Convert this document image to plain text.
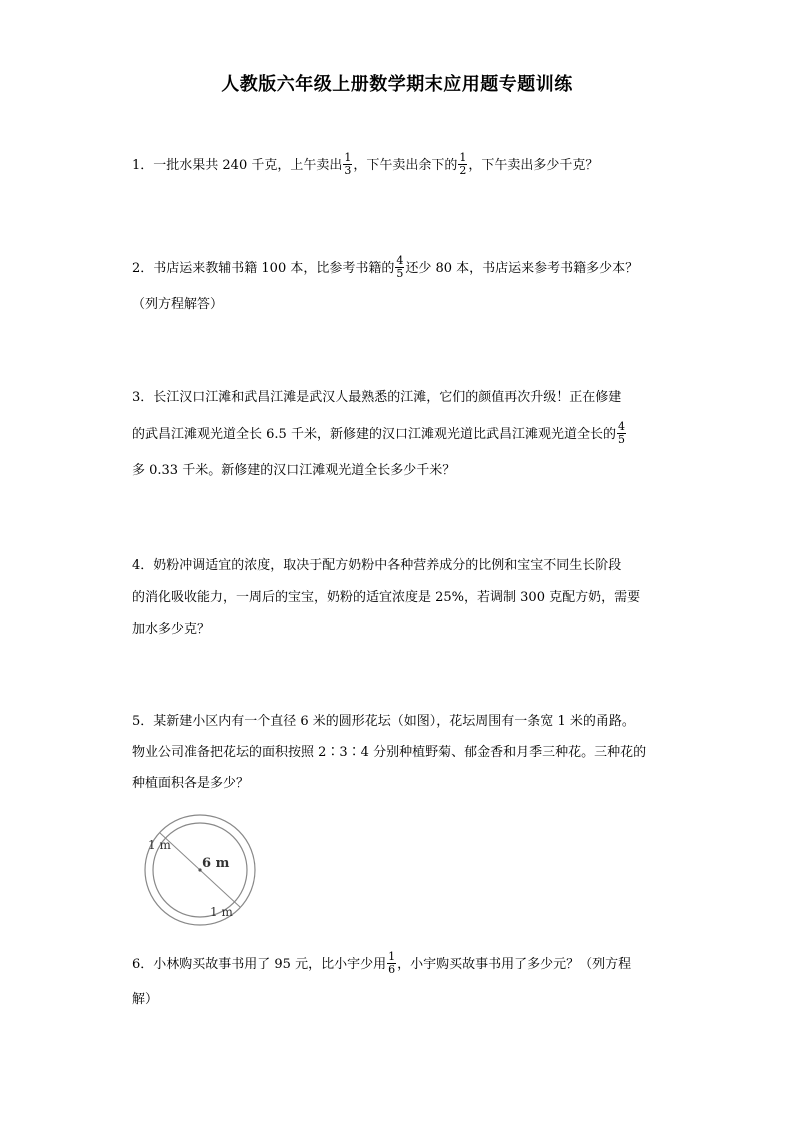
人教版六年级上册数学期末应用题专题训练
1．一批水果共 240 千克，上午卖出 $\frac{1}{3}$ ，下午卖出余下的 $\frac{1}{2}$ ，下午卖出多少千克？
2．书店运来教辅书籍 100 本，比参考书籍的 $\frac{4}{5}$ 还少 80 本，书店运来参考书籍多少本？
（列方程解答）
3．长江汉口江滩和武昌江滩是武汉人最熟悉的江滩，它们的颜值再次升级！正在修建
的武昌江滩观光道全长 6.5 千米，新修建的汉口江滩观光道比武昌江滩观光道全长的 $\frac{4}{5}$
多 0.33 千米。新修建的汉口江滩观光道全长多少千米？
4．奶粉冲调适宜的浓度，取决于配方奶粉中各种营养成分的比例和宝宝不同生长阶段
的消化吸收能力，一周后的宝宝，奶粉的适宜浓度是 25%，若调制 300 克配方奶，需要
加水多少克？
5．某新建小区内有一个直径 6 米的圆形花坛（如图），花坛周围有一条宽 1 米的甬路。
物业公司准备把花坛的面积按照 2∶3∶4 分别种植野菊、郁金香和月季三种花。三种花的
种植面积各是多少？
1 m
6 m
1 m
6．小林购买故事书用了 95 元，比小宇少用 $\frac{1}{6}$ ，小宇购买故事书用了多少元？（列方程
解）
